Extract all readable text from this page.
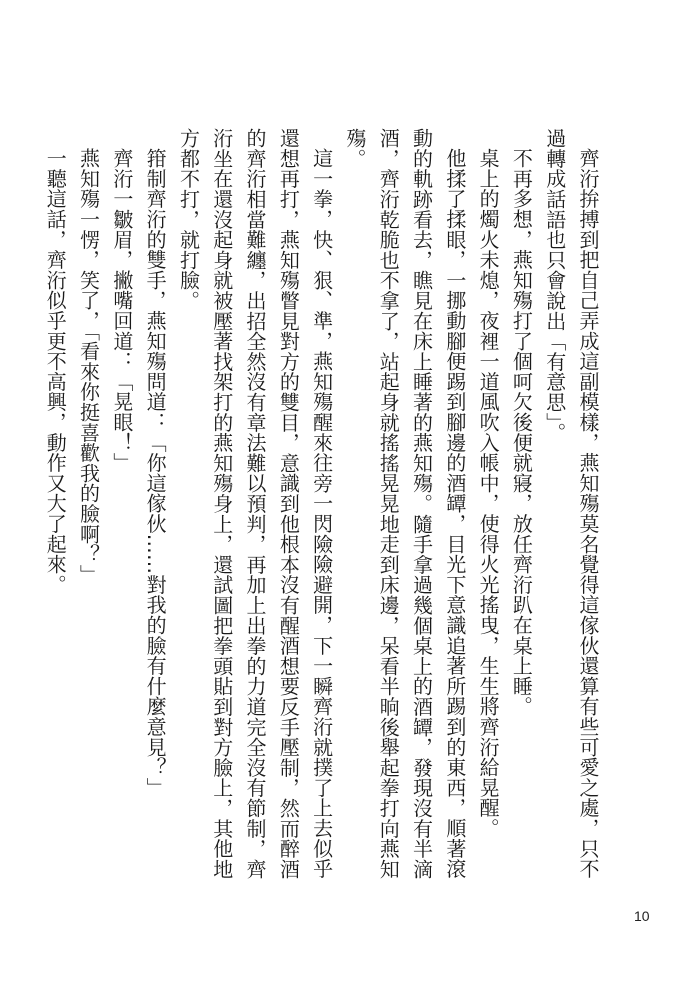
齊洐拚搏到把自己弄成這副模樣，燕知殤莫名覺得這傢伙還算有些可愛之處，只不過轉成話語也只會說出「有意思」。

不再多想，燕知殤打了個呵欠後便就寢，放任齊洐趴在桌上睡。

桌上的燭火未熄，夜裡一道風吹入帳中，使得火光搖曳，生生將齊洐給晃醒。

他揉了揉眼，一挪動腳便踢到腳邊的酒罈，目光下意識追著所踢到的東西，順著滾動的軌跡看去，瞧見在床上睡著的燕知殤。隨手拿過幾個桌上的酒罈，發現沒有半滴酒，齊洐乾脆也不拿了，站起身就搖搖晃晃地走到床邊，呆看半晌後舉起拳打向燕知殤。

這一拳，快、狠、準，燕知殤醒來往旁一閃險險避開，下一瞬齊洐就撲了上去似乎還想再打，燕知殤瞥見對方的雙目，意識到他根本沒有醒酒想要反手壓制，然而醉酒的齊洐相當難纏，出招全然沒有章法難以預判，再加上出拳的力道完全沒有節制，齊洐坐在還沒起身就被壓著找架打的燕知殤身上，還試圖把拳頭貼到對方臉上，其他地方都不打，就打臉。

箝制齊洐的雙手，燕知殤問道：「你這傢伙……對我的臉有什麼意見？」

齊洐一皺眉，撇嘴回道：「晃眼！」

燕知殤一愣，笑了，「看來你挺喜歡我的臉啊？」

一聽這話，齊洐似乎更不高興，動作又大了起來。

10
